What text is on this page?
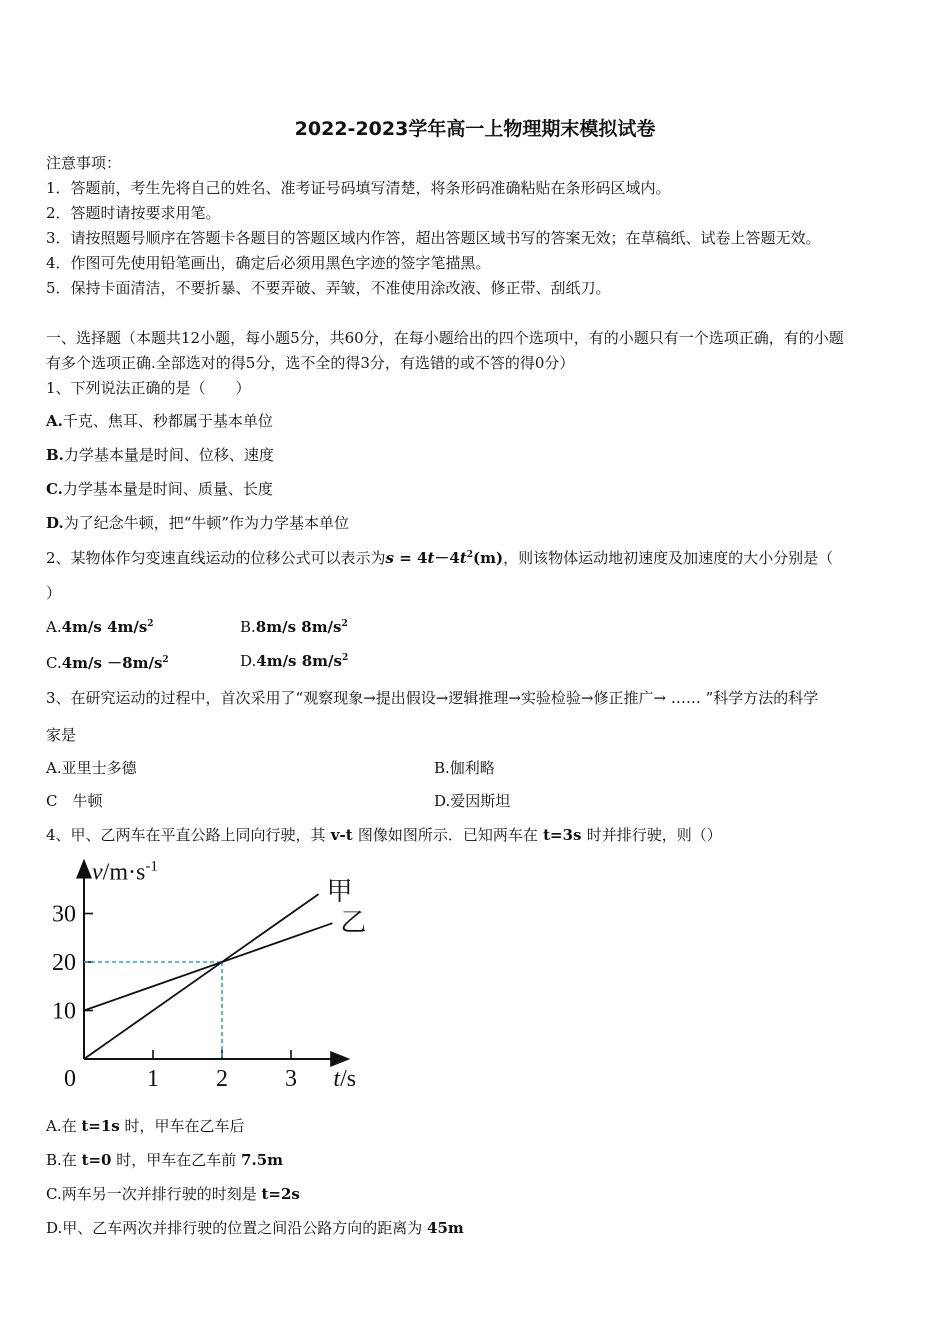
2022-2023学年高一上物理期末模拟试卷
注意事项：
1．答题前，考生先将自己的姓名、准考证号码填写清楚，将条形码准确粘贴在条形码区域内。
2．答题时请按要求用笔。
3．请按照题号顺序在答题卡各题目的答题区域内作答，超出答题区域书写的答案无效；在草稿纸、试卷上答题无效。
4．作图可先使用铅笔画出，确定后必须用黑色字迹的签字笔描黑。
5．保持卡面清洁，不要折暴、不要弄破、弄皱，不准使用涂改液、修正带、刮纸刀。
一、选择题（本题共12小题，每小题5分，共60分，在每小题给出的四个选项中，有的小题只有一个选项正确，有的小题
有多个选项正确.全部选对的得5分，选不全的得3分，有选错的或不答的得0分）
1、下列说法正确的是（　　）
A.千克、焦耳、秒都属于基本单位
B.力学基本量是时间、位移、速度
C.力学基本量是时间、质量、长度
D.为了纪念牛顿，把“牛顿”作为力学基本单位
2、某物体作匀变速直线运动的位移公式可以表示为$s = 4t-4t^2(m)$，则该物体运动地初速度及加速度的大小分别是（
）
A.4m/s $4m/s^2$	B.8m/s $8m/s^2$
$C.4m/s -8m/s^2$	D.4m/s $8m/s^2$
3、在研究运动的过程中，首次采用了“观察现象→提出假设→逻辑推理→实验检验→修正推广→ …… ”科学方法的科学
家是
A.亚里士多德	B.伽利略
C　牛顿	D.爱因斯坦
4、甲、乙两车在平直公路上同向行驶，其 v-t 图像如图所示．已知两车在 t=3s 时并排行驶，则（）
1 2 3
10
20
30
甲
乙
$v/m\cdot s^{-1}$
t/s
0
A.在 t=1s 时，甲车在乙车后
B.在 t=0 时，甲车在乙车前 7.5m
C.两车另一次并排行驶的时刻是 t=2s
D.甲、乙车两次并排行驶的位置之间沿公路方向的距离为 45m
